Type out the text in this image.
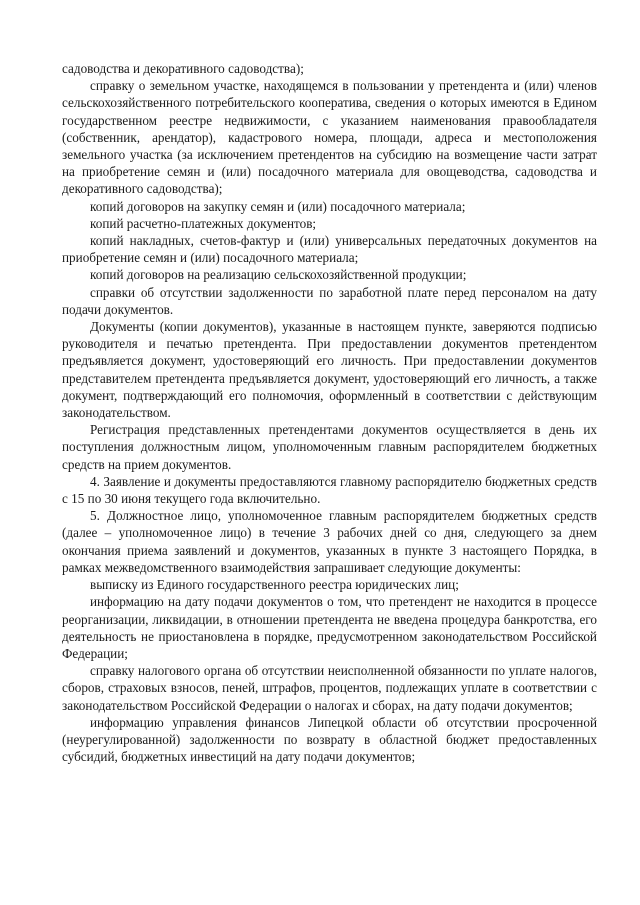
садоводства и декоративного садоводства);

справку о земельном участке, находящемся в пользовании у претендента и (или) членов сельскохозяйственного потребительского кооператива, сведения о которых имеются в Едином государственном реестре недвижимости, с указанием наименования правообладателя (собственник, арендатор), кадастрового номера, площади, адреса и местоположения земельного участка (за исключением претендентов на субсидию на возмещение части затрат на приобретение семян и (или) посадочного материала для овощеводства, садоводства и декоративного садоводства);

копий договоров на закупку семян и (или) посадочного материала;

копий расчетно-платежных документов;

копий накладных, счетов-фактур и (или) универсальных передаточных документов на приобретение семян и (или) посадочного материала;

копий договоров на реализацию сельскохозяйственной продукции;

справки об отсутствии задолженности по заработной плате перед персоналом на дату подачи документов.

Документы (копии документов), указанные в настоящем пункте, заверяются подписью руководителя и печатью претендента. При предоставлении документов претендентом предъявляется документ, удостоверяющий его личность. При предоставлении документов представителем претендента предъявляется документ, удостоверяющий его личность, а также документ, подтверждающий его полномочия, оформленный в соответствии с действующим законодательством.

Регистрация представленных претендентами документов осуществляется в день их поступления должностным лицом, уполномоченным главным распорядителем бюджетных средств на прием документов.

4. Заявление и документы предоставляются главному распорядителю бюджетных средств с 15 по 30 июня текущего года включительно.

5. Должностное лицо, уполномоченное главным распорядителем бюджетных средств (далее – уполномоченное лицо) в течение 3 рабочих дней со дня, следующего за днем окончания приема заявлений и документов, указанных в пункте 3 настоящего Порядка, в рамках межведомственного взаимодействия запрашивает следующие документы:

выписку из Единого государственного реестра юридических лиц;

информацию на дату подачи документов о том, что претендент не находится в процессе реорганизации, ликвидации, в отношении претендента не введена процедура банкротства, его деятельность не приостановлена в порядке, предусмотренном законодательством Российской Федерации;

справку налогового органа об отсутствии неисполненной обязанности по уплате налогов, сборов, страховых взносов, пеней, штрафов, процентов, подлежащих уплате в соответствии с законодательством Российской Федерации о налогах и сборах, на дату подачи документов;

информацию управления финансов Липецкой области об отсутствии просроченной (неурегулированной) задолженности по возврату в областной бюджет предоставленных субсидий, бюджетных инвестиций на дату подачи документов;
